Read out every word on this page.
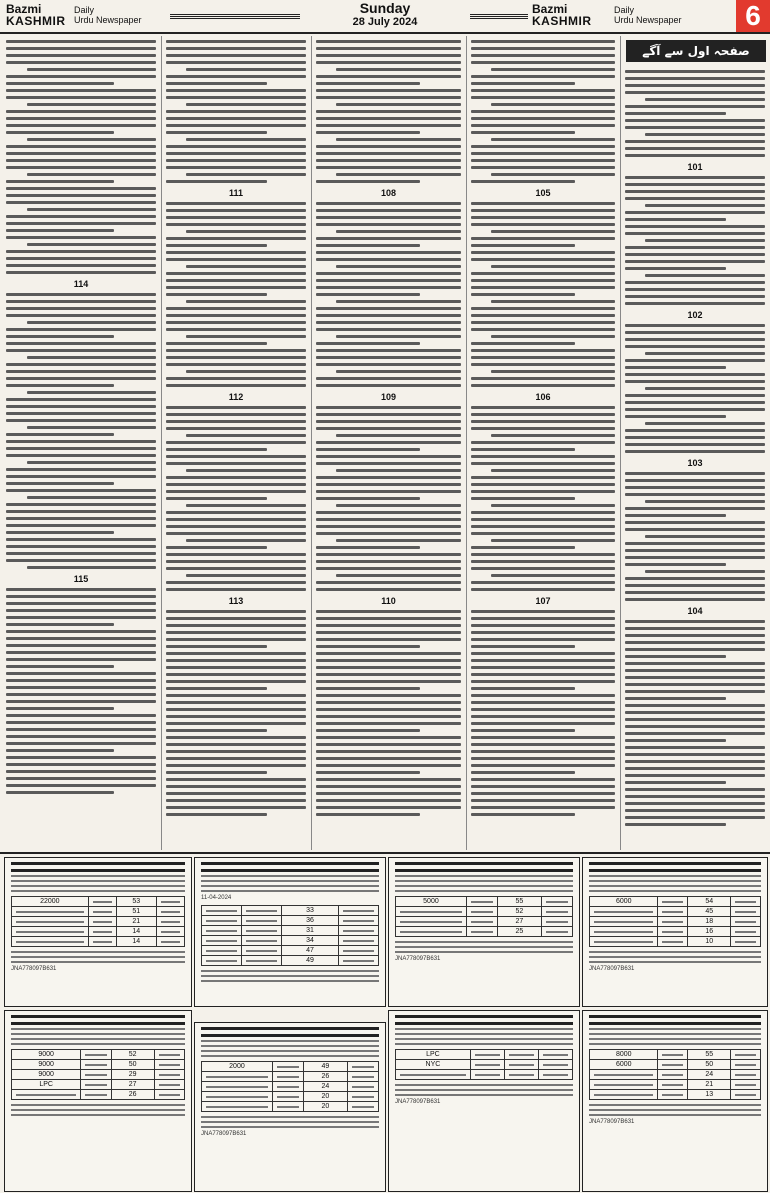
Bazmi
KASHMIR
Daily
Urdu Newspaper
Sunday
28 July 2024
Bazmi
KASHMIR
Daily
Urdu Newspaper	6
114
115
111
112
113
108
109
110
105
106
107
101
102
103
104
صفحہ اول سے آگے
22000		53	
		51	
		21	
		14	
		14	
JNA778097B631
11-04-2024
		33	
		36	
		31	
		34	
		47	
		49	
5000		55	
		52	
		27	
		25	
JNA778097B631
6000		54	
		45	
		18	
		16	
		10	
JNA778097B631
9000		52	
9000		50	
9000		29	
LPC		27	
		26	
2000		49	
		26	
		24	
		20	
		20	
JNA778097B631
LPC			
NYC			

JNA778097B631
8000		55	
6000		50	
		24	
		21	
		13	
JNA778097B631
